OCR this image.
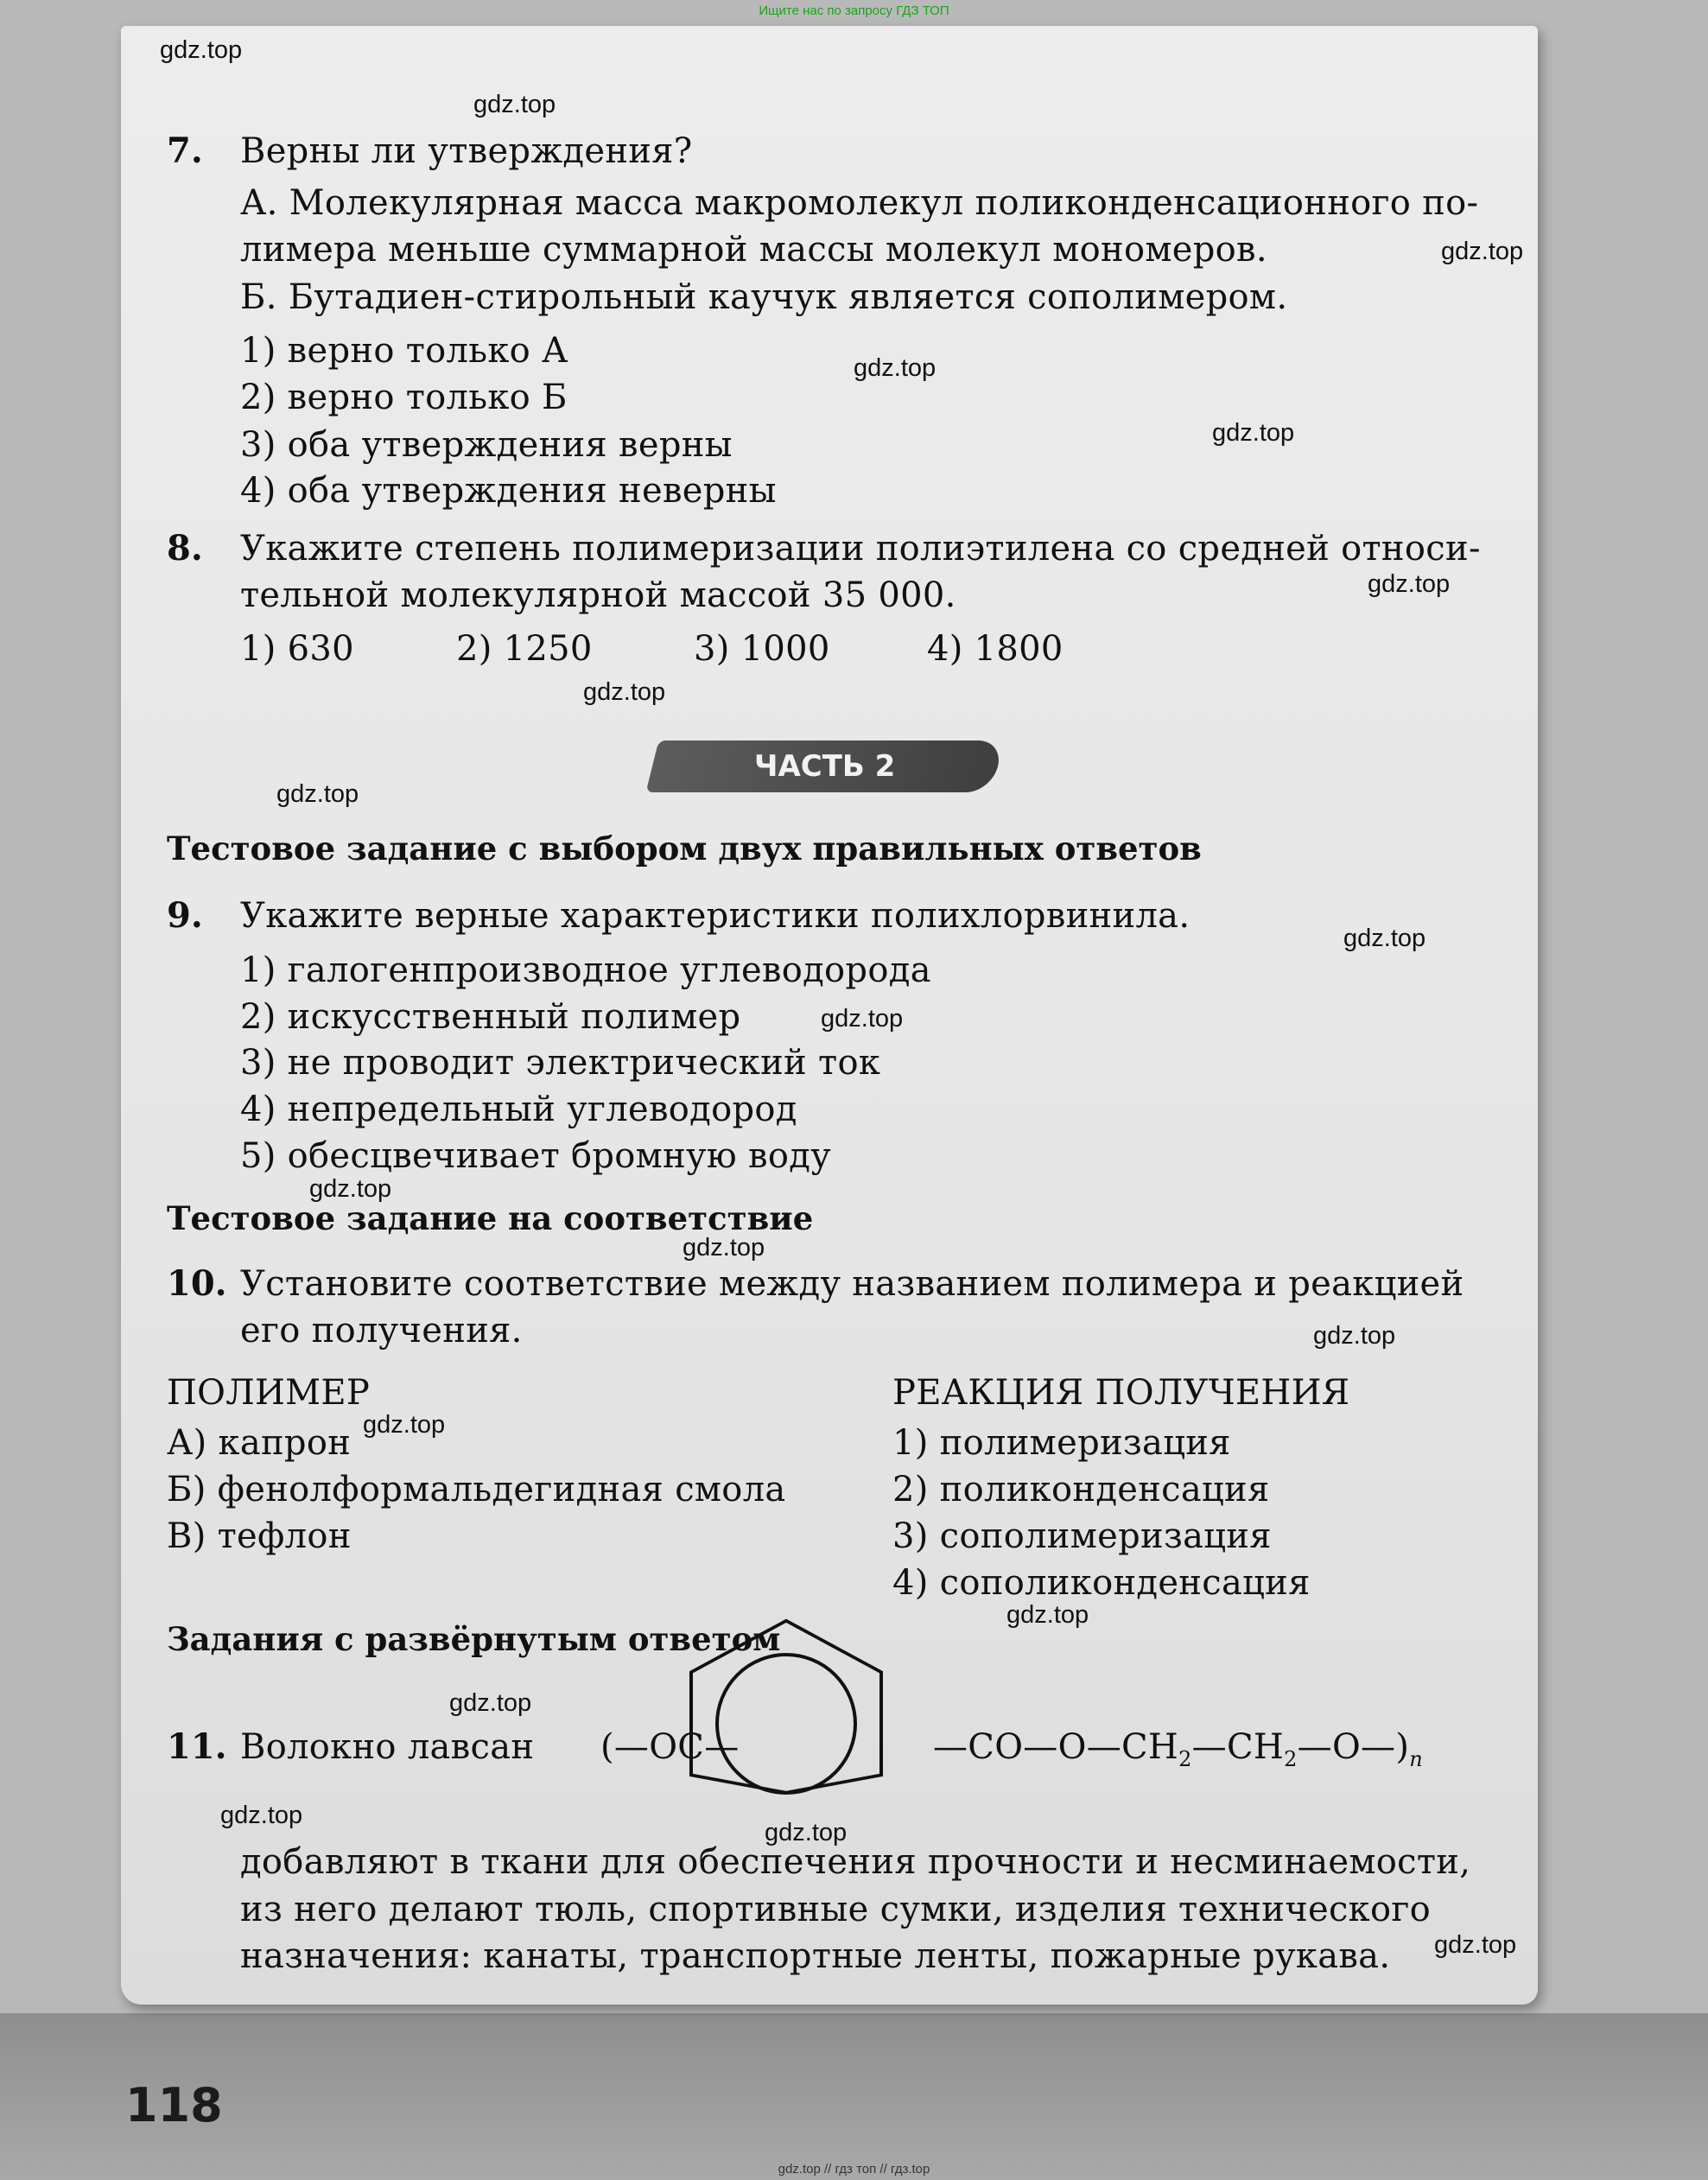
Ищите нас по запросу ГДЗ ТОП
7. Верны ли утверждения?
А. Молекулярная масса макромолекул поликонденсационного по-
лимера меньше суммарной массы молекул мономеров.
Б. Бутадиен-стирольный каучук является сополимером.
1) верно только А
2) верно только Б
3) оба утверждения верны
4) оба утверждения неверны
8. Укажите степень полимеризации полиэтилена со средней относи-
тельной молекулярной массой 35 000.
1) 630	2) 1250	3) 1000	4) 1800
ЧАСТЬ 2
Тестовое задание с выбором двух правильных ответов
9. Укажите верные характеристики полихлорвинила.
1) галогенпроизводное углеводорода
2) искусственный полимер
3) не проводит электрический ток
4) непредельный углеводород
5) обесцвечивает бромную воду
Тестовое задание на соответствие
10. Установите соответствие между названием полимера и реакцией
его получения.
ПОЛИМЕР	РЕАКЦИЯ ПОЛУЧЕНИЯ
А) капрон
Б) фенолформальдегидная смола
В) тефлон
1) полимеризация
2) поликонденсация
3) сополимеризация
4) сополиконденсация
Задания с развёрнутым ответом
11. Волокно лавсан (—OC—	$—CO—O—CH_2—CH_2—O—)_n$
добавляют в ткани для обеспечения прочности и несминаемости,
из него делают тюль, спортивные сумки, изделия технического
назначения: канаты, транспортные ленты, пожарные рукава.
gdz.top
gdz.top
gdz.top
gdz.top
gdz.top
gdz.top
gdz.top
gdz.top
gdz.top
gdz.top
gdz.top
gdz.top
gdz.top
gdz.top
gdz.top
gdz.top
gdz.top
gdz.top
gdz.top
118
gdz.top // гдз топ // гдз.top
